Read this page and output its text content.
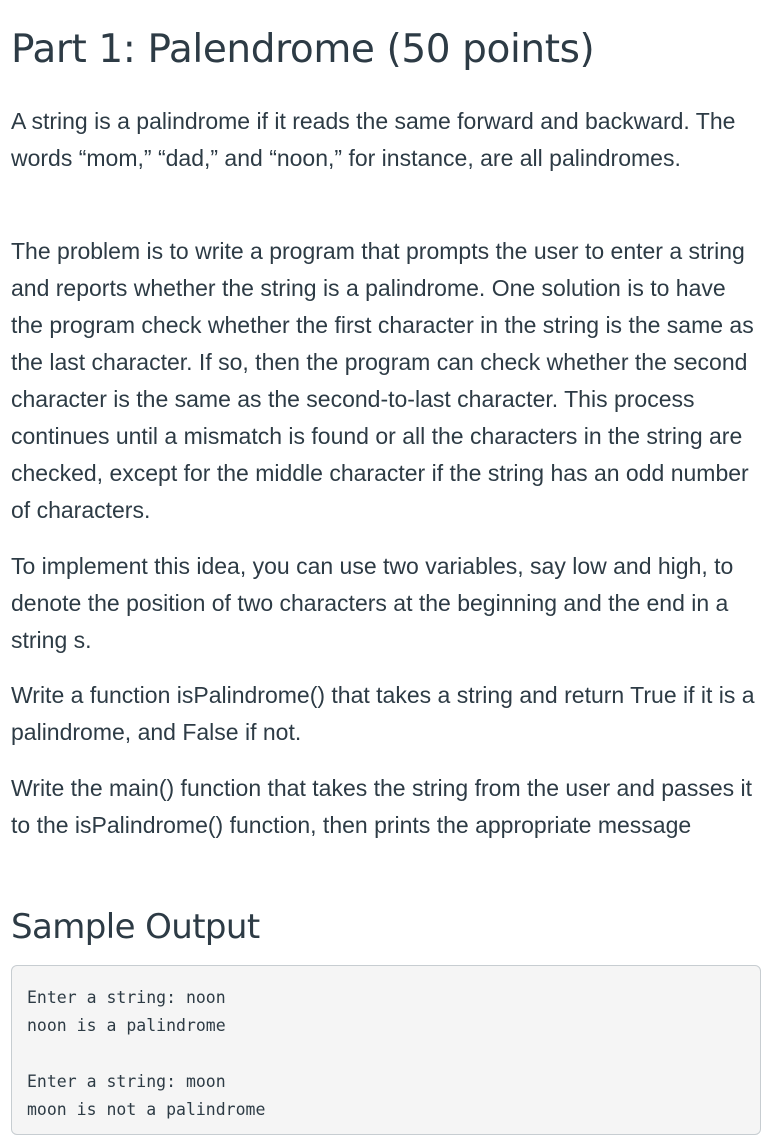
Part 1: Palendrome (50 points)

A string is a palindrome if it reads the same forward and backward. The words “mom,” “dad,” and “noon,” for instance, are all palindromes.

The problem is to write a program that prompts the user to enter a string and reports whether the string is a palindrome. One solution is to have the program check whether the first character in the string is the same as the last character. If so, then the program can check whether the second character is the same as the second-to-last character. This process continues until a mismatch is found or all the characters in the string are checked, except for the middle character if the string has an odd number of characters.

To implement this idea, you can use two variables, say low and high, to denote the position of two characters at the beginning and the end in a string s.

Write a function isPalindrome() that takes a string and return True if it is a palindrome, and False if not.

Write the main() function that takes the string from the user and passes it to the isPalindrome() function, then prints the appropriate message

Sample Output
Enter a string: noon
noon is a palindrome
Enter a string: moon
moon is not a palindrome
